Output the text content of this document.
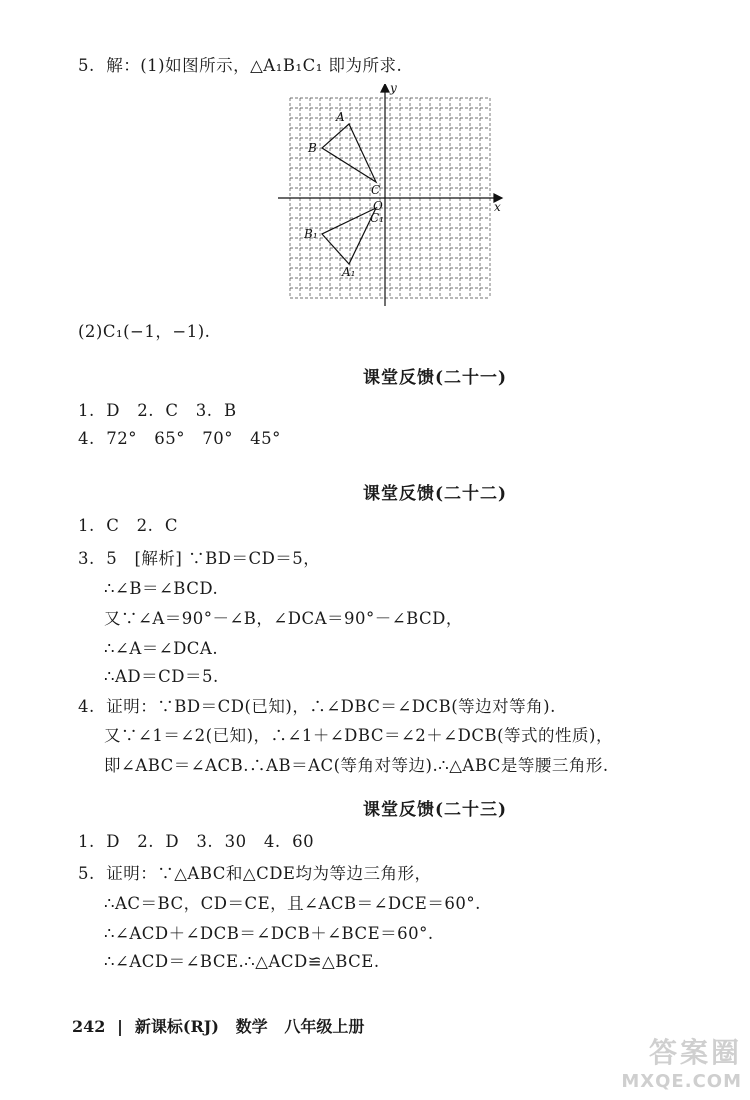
5.  解：(1)如图所示，△A₁B₁C₁ 即为所求.
y
x
A
B
C
O
C₁
B₁
A₁
(2)C₁(−1，−1).
课堂反馈(二十一)
1.  D   2.  C   3.  B
4.  72°   65°   70°   45°
课堂反馈(二十二)
1.  C   2.  C
3.  5   [解析] ∵BD＝CD＝5，
∴∠B＝∠BCD.
又∵∠A＝90°－∠B，∠DCA＝90°－∠BCD，
∴∠A＝∠DCA.
∴AD＝CD＝5.
4.  证明：∵BD＝CD(已知)，∴∠DBC＝∠DCB(等边对等角).
又∵∠1＝∠2(已知)，∴∠1＋∠DBC＝∠2＋∠DCB(等式的性质)，
即∠ABC＝∠ACB.∴AB＝AC(等角对等边).∴△ABC是等腰三角形.
课堂反馈(二十三)
1.  D   2.  D   3.  30   4.  60
5.  证明：∵△ABC和△CDE均为等边三角形，
∴AC＝BC，CD＝CE，且∠ACB＝∠DCE＝60°.
∴∠ACD＋∠DCB＝∠DCB＋∠BCE＝60°.
∴∠ACD＝∠BCE.∴△ACD≌△BCE.
242 新课标(RJ)   数学   八年级上册
答案圈
MXQE.COM
